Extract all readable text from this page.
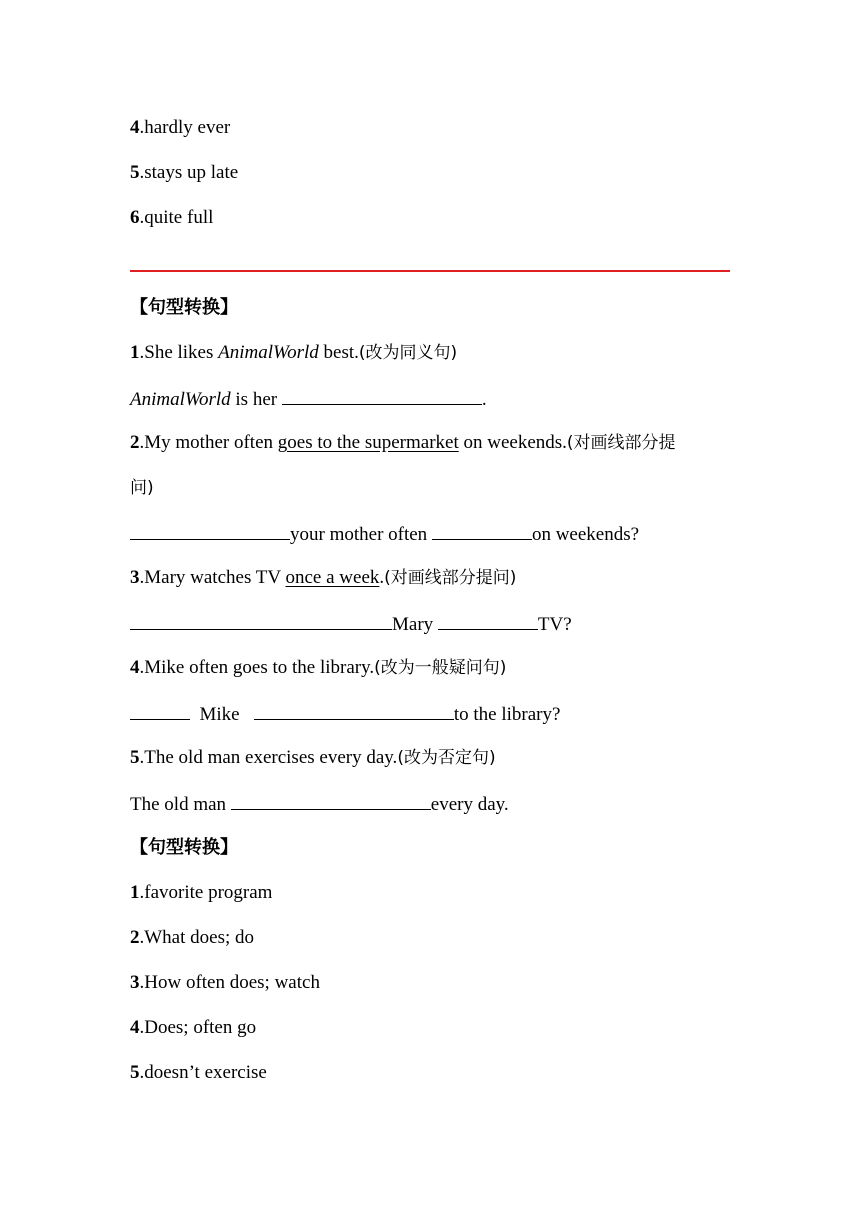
4.hardly ever
5.stays up late
6.quite full
【句型转换】
1.She likes AnimalWorld best.(改为同义句)
AnimalWorld is her	.
2.My mother often goes to the supermarket on weekends.(对画线部分提
问)
your mother often	on weekends?
3.Mary watches TV once a week.(对画线部分提问)
Mary	TV?
4.Mike often goes to the library.(改为一般疑问句)
Mike	to the library?
5.The old man exercises every day.(改为否定句)
The old man	every day.
【句型转换】
1.favorite program
2.What does; do
3.How often does; watch
4.Does; often go
5.doesn’t exercise
